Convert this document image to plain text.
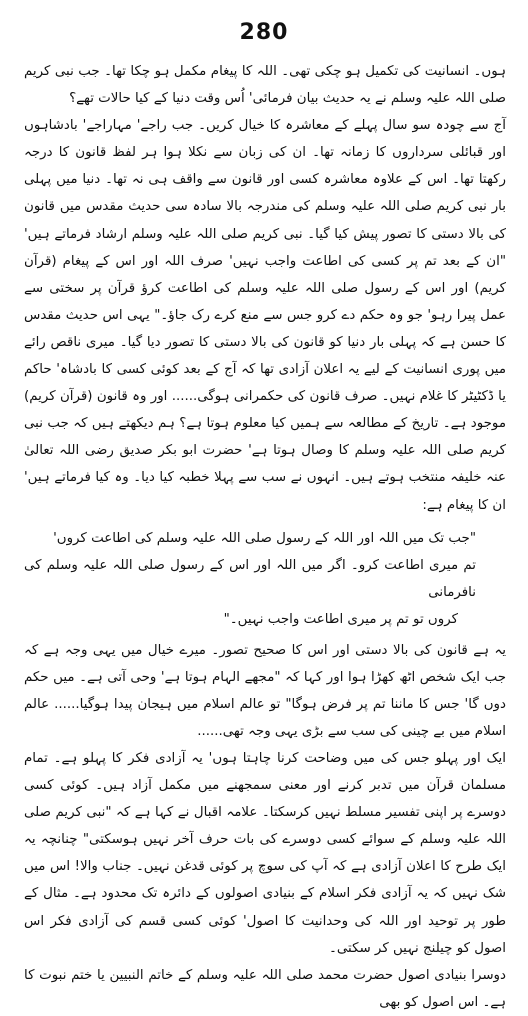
280

ہوں۔ انسانیت کی تکمیل ہو چکی تھی۔ اللہ کا پیغام مکمل ہو چکا تھا۔ جب نبی کریم صلی اللہ علیہ وسلم نے یہ حدیث بیان فرمائی' اُس وقت دنیا کے کیا حالات تھے؟

آج سے چودہ سو سال پہلے کے معاشرہ کا خیال کریں۔ جب راجے' مہاراجے' بادشاہوں اور قبائلی سرداروں کا زمانہ تھا۔ ان کی زبان سے نکلا ہوا ہر لفظ قانون کا درجہ رکھتا تھا۔ اس کے علاوہ معاشرہ کسی اور قانون سے واقف ہی نہ تھا۔ دنیا میں پہلی بار نبی کریم صلی اللہ علیہ وسلم کی مندرجہ بالا سادہ سی حدیث مقدس میں قانون کی بالا دستی کا تصور پیش کیا گیا۔ نبی کریم صلی اللہ علیہ وسلم ارشاد فرماتے ہیں' "ان کے بعد تم پر کسی کی اطاعت واجب نہیں' صرف اللہ اور اس کے پیغام (قرآن کریم) اور اس کے رسول صلی اللہ علیہ وسلم کی اطاعت کرؤ قرآن پر سختی سے عمل پیرا رہو' جو وہ حکم دے کرو جس سے منع کرے رک جاؤ۔" یہی اس حدیث مقدس کا حسن ہے کہ پہلی بار دنیا کو قانون کی بالا دستی کا تصور دیا گیا۔ میری ناقص رائے میں پوری انسانیت کے لیے یہ اعلان آزادی تھا کہ آج کے بعد کوئی کسی کا بادشاہ' حاکم یا ڈکٹیٹر کا غلام نہیں۔ صرف قانون کی حکمرانی ہوگی...... اور وہ قانون (قرآن کریم) موجود ہے۔ تاریخ کے مطالعہ سے ہمیں کیا معلوم ہوتا ہے؟ ہم دیکھتے ہیں کہ جب نبی کریم صلی اللہ علیہ وسلم کا وصال ہوتا ہے' حضرت ابو بکر صدیق رضی اللہ تعالیٰ عنہ خلیفہ منتخب ہوتے ہیں۔ انہوں نے سب سے پہلا خطبہ کیا دیا۔ وہ کیا فرماتے ہیں' ان کا پیغام ہے:

"جب تک میں اللہ اور اللہ کے رسول صلی اللہ علیہ وسلم کی اطاعت کروں'
تم میری اطاعت کرو۔ اگر میں اللہ اور اس کے رسول صلی اللہ علیہ وسلم کی نافرمانی
کروں تو تم پر میری اطاعت واجب نہیں۔"

یہ ہے قانون کی بالا دستی اور اس کا صحیح تصور۔ میرے خیال میں یہی وجہ ہے کہ جب ایک شخص اٹھ کھڑا ہوا اور کہا کہ "مجھے الہام ہوتا ہے' وحی آتی ہے۔ میں حکم دوں گا' جس کا ماننا تم پر فرض ہوگا" تو عالم اسلام میں ہیجان پیدا ہوگیا...... عالم اسلام میں بے چینی کی سب سے بڑی یہی وجہ تھی......

ایک اور پہلو جس کی میں وضاحت کرنا چاہتا ہوں' یہ آزادی فکر کا پہلو ہے۔ تمام مسلمان قرآن میں تدبر کرنے اور معنی سمجھنے میں مکمل آزاد ہیں۔ کوئی کسی دوسرے پر اپنی تفسیر مسلط نہیں کرسکتا۔ علامہ اقبال نے کہا ہے کہ "نبی کریم صلی اللہ علیہ وسلم کے سوائے کسی دوسرے کی بات حرف آخر نہیں ہوسکتی" چنانچہ یہ ایک طرح کا اعلان آزادی ہے کہ آپ کی سوچ پر کوئی قدغن نہیں۔ جناب والا! اس میں شک نہیں کہ یہ آزادی فکر اسلام کے بنیادی اصولوں کے دائرہ تک محدود ہے۔ مثال کے طور پر توحید اور اللہ کی وحدانیت کا اصول' کوئی کسی قسم کی آزادی فکر اس اصول کو چیلنج نہیں کر سکتی۔

دوسرا بنیادی اصول حضرت محمد صلی اللہ علیہ وسلم کے خاتم النبیین یا ختم نبوت کا ہے۔ اس اصول کو بھی
